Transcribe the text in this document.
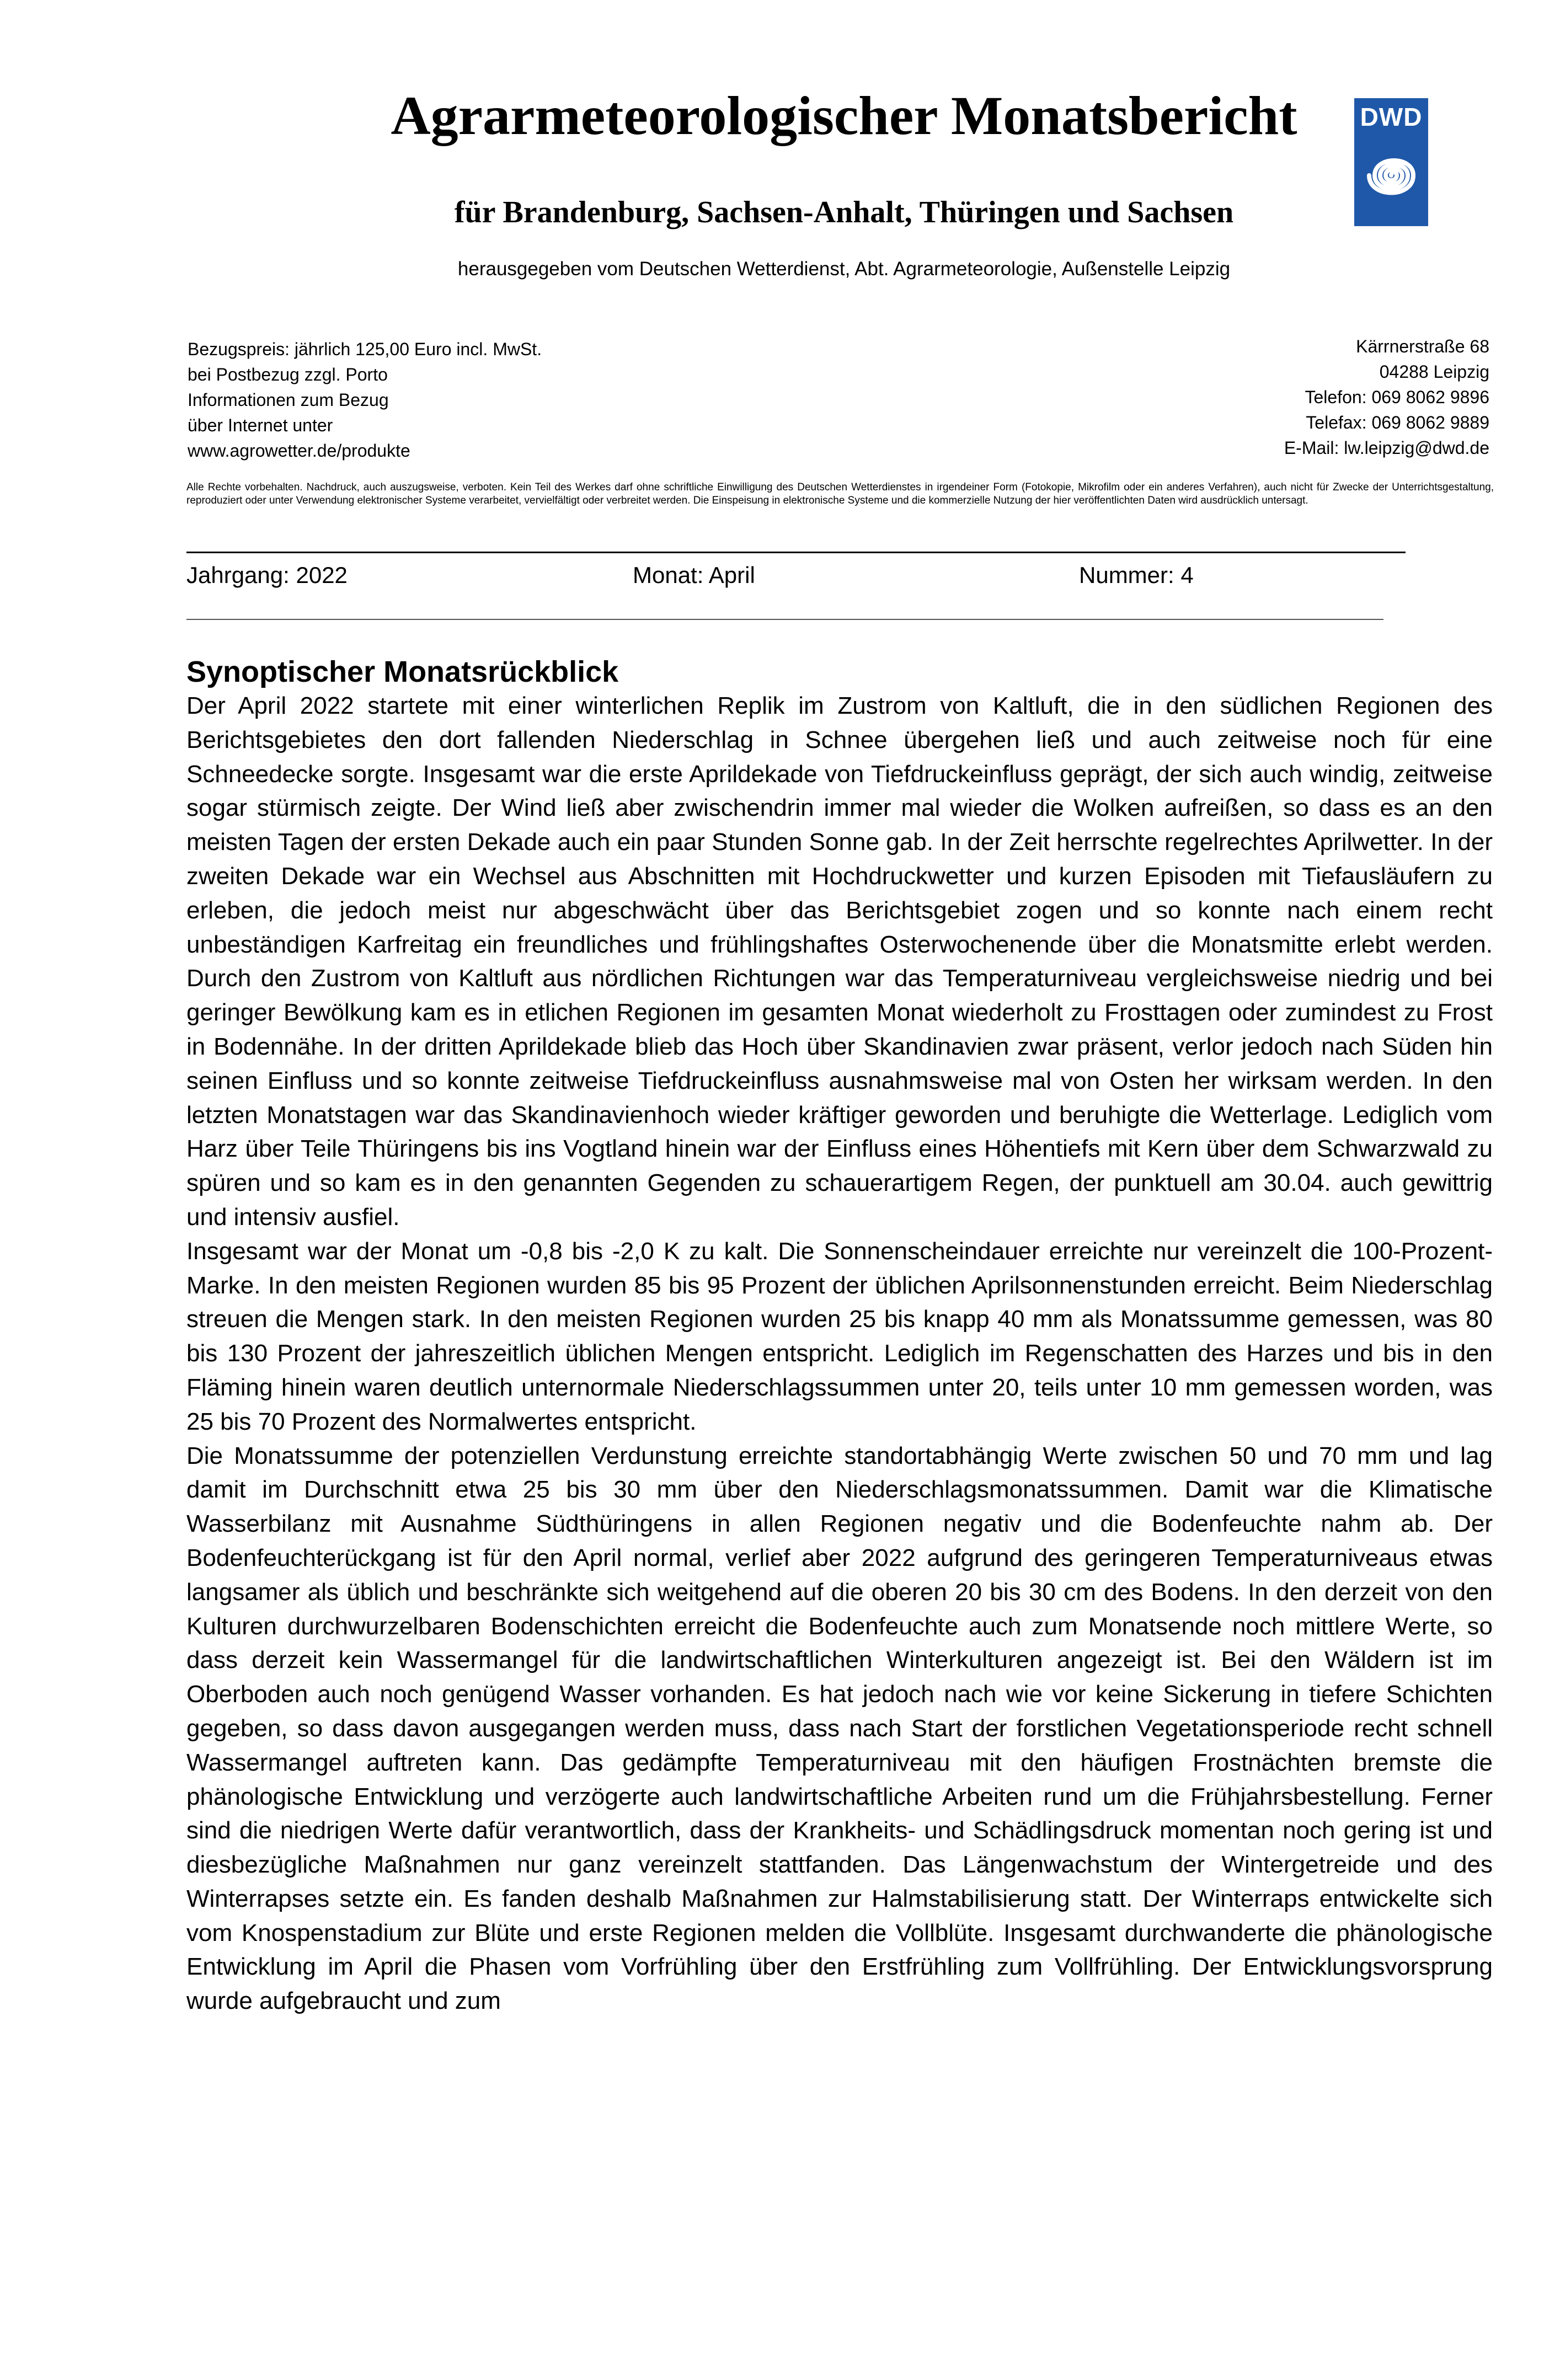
Agrarmeteorologischer Monatsbericht
für Brandenburg, Sachsen-Anhalt, Thüringen und Sachsen
herausgegeben vom Deutschen Wetterdienst, Abt. Agrarmeteorologie, Außenstelle Leipzig
DWD
Bezugspreis: jährlich 125,00 Euro incl. MwSt.
bei Postbezug zzgl. Porto
Informationen zum Bezug
über Internet unter
www.agrowetter.de/produkte
Kärrnerstraße 68
04288 Leipzig
Telefon: 069 8062 9896
Telefax: 069 8062 9889
E-Mail: lw.leipzig@dwd.de
Alle Rechte vorbehalten. Nachdruck, auch auszugsweise, verboten. Kein Teil des Werkes darf ohne schriftliche Einwilligung des Deutschen Wetterdienstes in irgendeiner Form (Fotokopie, Mikrofilm oder ein anderes Verfahren), auch nicht für Zwecke der Unterrichtsgestaltung, reproduziert oder unter Verwendung elektronischer Systeme verarbeitet, vervielfältigt oder verbreitet werden. Die Einspeisung in elektronische Systeme und die kommerzielle Nutzung der hier veröffentlichten Daten wird ausdrücklich untersagt.
Jahrgang: 2022	Monat: April	Nummer: 4
Synoptischer Monatsrückblick

Der April 2022 startete mit einer winterlichen Replik im Zustrom von Kaltluft, die in den südlichen Regionen des Berichtsgebietes den dort fallenden Niederschlag in Schnee übergehen ließ und auch zeitweise noch für eine Schneedecke sorgte. Insgesamt war die erste Aprildekade von Tiefdruckeinfluss geprägt, der sich auch windig, zeitweise sogar stürmisch zeigte. Der Wind ließ aber zwischendrin immer mal wieder die Wolken aufreißen, so dass es an den meisten Tagen der ersten Dekade auch ein paar Stunden Sonne gab. In der Zeit herrschte regelrechtes Aprilwetter. In der zweiten Dekade war ein Wechsel aus Abschnitten mit Hochdruckwetter und kurzen Episoden mit Tiefausläufern zu erleben, die jedoch meist nur abgeschwächt über das Berichtsgebiet zogen und so konnte nach einem recht unbeständigen Karfreitag ein freundliches und frühlingshaftes Osterwochenende über die Monatsmitte erlebt werden. Durch den Zustrom von Kaltluft aus nördlichen Richtungen war das Temperaturniveau vergleichsweise niedrig und bei geringer Bewölkung kam es in etlichen Regionen im gesamten Monat wiederholt zu Frosttagen oder zumindest zu Frost in Bodennähe. In der dritten Aprildekade blieb das Hoch über Skandinavien zwar präsent, verlor jedoch nach Süden hin seinen Einfluss und so konnte zeitweise Tiefdruckeinfluss ausnahmsweise mal von Osten her wirksam werden. In den letzten Monatstagen war das Skandinavienhoch wieder kräftiger geworden und beruhigte die Wetterlage. Lediglich vom Harz über Teile Thüringens bis ins Vogtland hinein war der Einfluss eines Höhentiefs mit Kern über dem Schwarzwald zu spüren und so kam es in den genannten Gegenden zu schauerartigem Regen, der punktuell am 30.04. auch gewittrig und intensiv ausfiel.

Insgesamt war der Monat um -0,8 bis -2,0 K zu kalt. Die Sonnenscheindauer erreichte nur vereinzelt die 100-Prozent-Marke. In den meisten Regionen wurden 85 bis 95 Prozent der üblichen Aprilsonnenstunden erreicht. Beim Niederschlag streuen die Mengen stark. In den meisten Regionen wurden 25 bis knapp 40 mm als Monatssumme gemessen, was 80 bis 130 Prozent der jahreszeitlich üblichen Mengen entspricht. Lediglich im Regenschatten des Harzes und bis in den Fläming hinein waren deutlich unternormale Niederschlagssummen unter 20, teils unter 10 mm gemessen worden, was 25 bis 70 Prozent des Normalwertes entspricht.

Die Monatssumme der potenziellen Verdunstung erreichte standortabhängig Werte zwischen 50 und 70 mm und lag damit im Durchschnitt etwa 25 bis 30 mm über den Niederschlagsmonatssummen. Damit war die Klimatische Wasserbilanz mit Ausnahme Südthüringens in allen Regionen negativ und die Bodenfeuchte nahm ab. Der Bodenfeuchterückgang ist für den April normal, verlief aber 2022 aufgrund des geringeren Temperaturniveaus etwas langsamer als üblich und beschränkte sich weitgehend auf die oberen 20 bis 30 cm des Bodens. In den derzeit von den Kulturen durchwurzelbaren Bodenschichten erreicht die Bodenfeuchte auch zum Monatsende noch mittlere Werte, so dass derzeit kein Wassermangel für die landwirtschaftlichen Winterkulturen angezeigt ist. Bei den Wäldern ist im Oberboden auch noch genügend Wasser vorhanden. Es hat jedoch nach wie vor keine Sickerung in tiefere Schichten gegeben, so dass davon ausgegangen werden muss, dass nach Start der forstlichen Vegetationsperiode recht schnell Wassermangel auftreten kann. Das gedämpfte Temperaturniveau mit den häufigen Frostnächten bremste die phänologische Entwicklung und verzögerte auch landwirtschaftliche Arbeiten rund um die Frühjahrsbestellung. Ferner sind die niedrigen Werte dafür verantwortlich, dass der Krankheits- und Schädlingsdruck momentan noch gering ist und diesbezügliche Maßnahmen nur ganz vereinzelt stattfanden. Das Längenwachstum der Wintergetreide und des Winterrapses setzte ein. Es fanden deshalb Maßnahmen zur Halmstabilisierung statt. Der Winterraps entwickelte sich vom Knospenstadium zur Blüte und erste Regionen melden die Vollblüte. Insgesamt durchwanderte die phänologische Entwicklung im April die Phasen vom Vorfrühling über den Erstfrühling zum Vollfrühling. Der Entwicklungsvorsprung wurde aufgebraucht und zum
